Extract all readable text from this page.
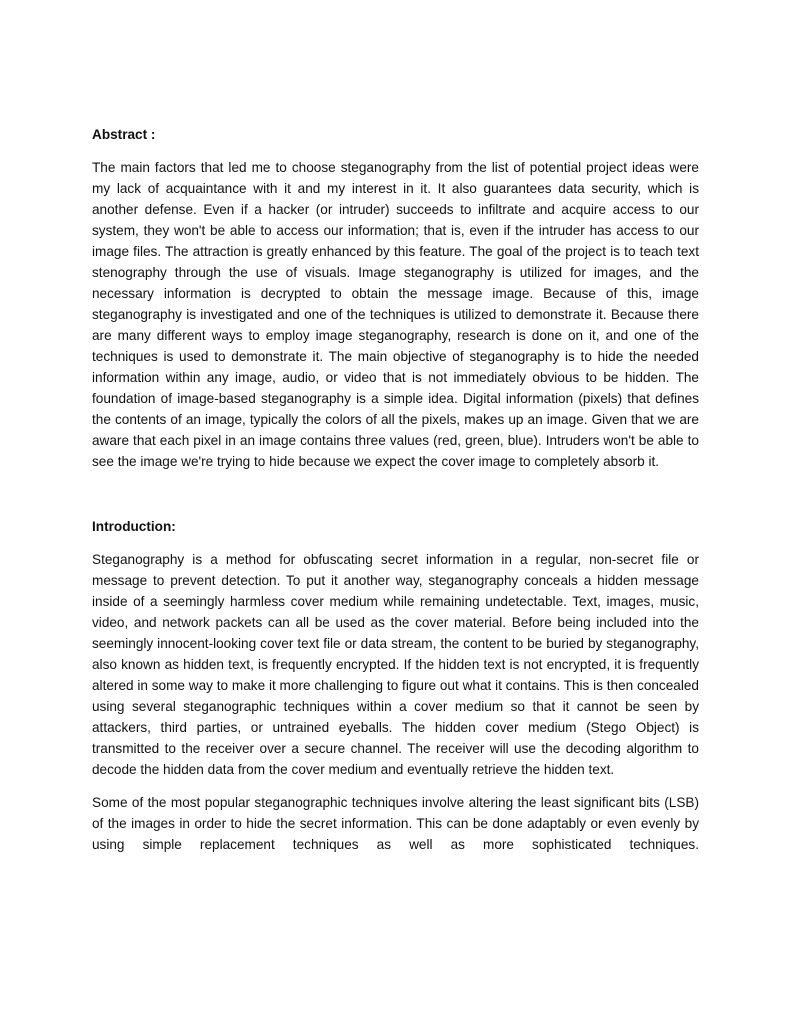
Abstract :

The main factors that led me to choose steganography from the list of potential project ideas were my lack of acquaintance with it and my interest in it. It also guarantees data security, which is another defense. Even if a hacker (or intruder) succeeds to infiltrate and acquire access to our system, they won't be able to access our information; that is, even if the intruder has access to our image files. The attraction is greatly enhanced by this feature. The goal of the project is to teach text stenography through the use of visuals. Image steganography is utilized for images, and the necessary information is decrypted to obtain the message image. Because of this, image steganography is investigated and one of the techniques is utilized to demonstrate it. Because there are many different ways to employ image steganography, research is done on it, and one of the techniques is used to demonstrate it. The main objective of steganography is to hide the needed information within any image, audio, or video that is not immediately obvious to be hidden. The foundation of image-based steganography is a simple idea. Digital information (pixels) that defines the contents of an image, typically the colors of all the pixels, makes up an image. Given that we are aware that each pixel in an image contains three values (red, green, blue). Intruders won't be able to see the image we're trying to hide because we expect the cover image to completely absorb it.

Introduction:

Steganography is a method for obfuscating secret information in a regular, non-secret file or message to prevent detection. To put it another way, steganography conceals a hidden message inside of a seemingly harmless cover medium while remaining undetectable. Text, images, music, video, and network packets can all be used as the cover material. Before being included into the seemingly innocent-looking cover text file or data stream, the content to be buried by steganography, also known as hidden text, is frequently encrypted. If the hidden text is not encrypted, it is frequently altered in some way to make it more challenging to figure out what it contains. This is then concealed using several steganographic techniques within a cover medium so that it cannot be seen by attackers, third parties, or untrained eyeballs. The hidden cover medium (Stego Object) is transmitted to the receiver over a secure channel. The receiver will use the decoding algorithm to decode the hidden data from the cover medium and eventually retrieve the hidden text.

Some of the most popular steganographic techniques involve altering the least significant bits (LSB) of the images in order to hide the secret information. This can be done adaptably or even evenly by using simple replacement techniques as well as more sophisticated techniques.
